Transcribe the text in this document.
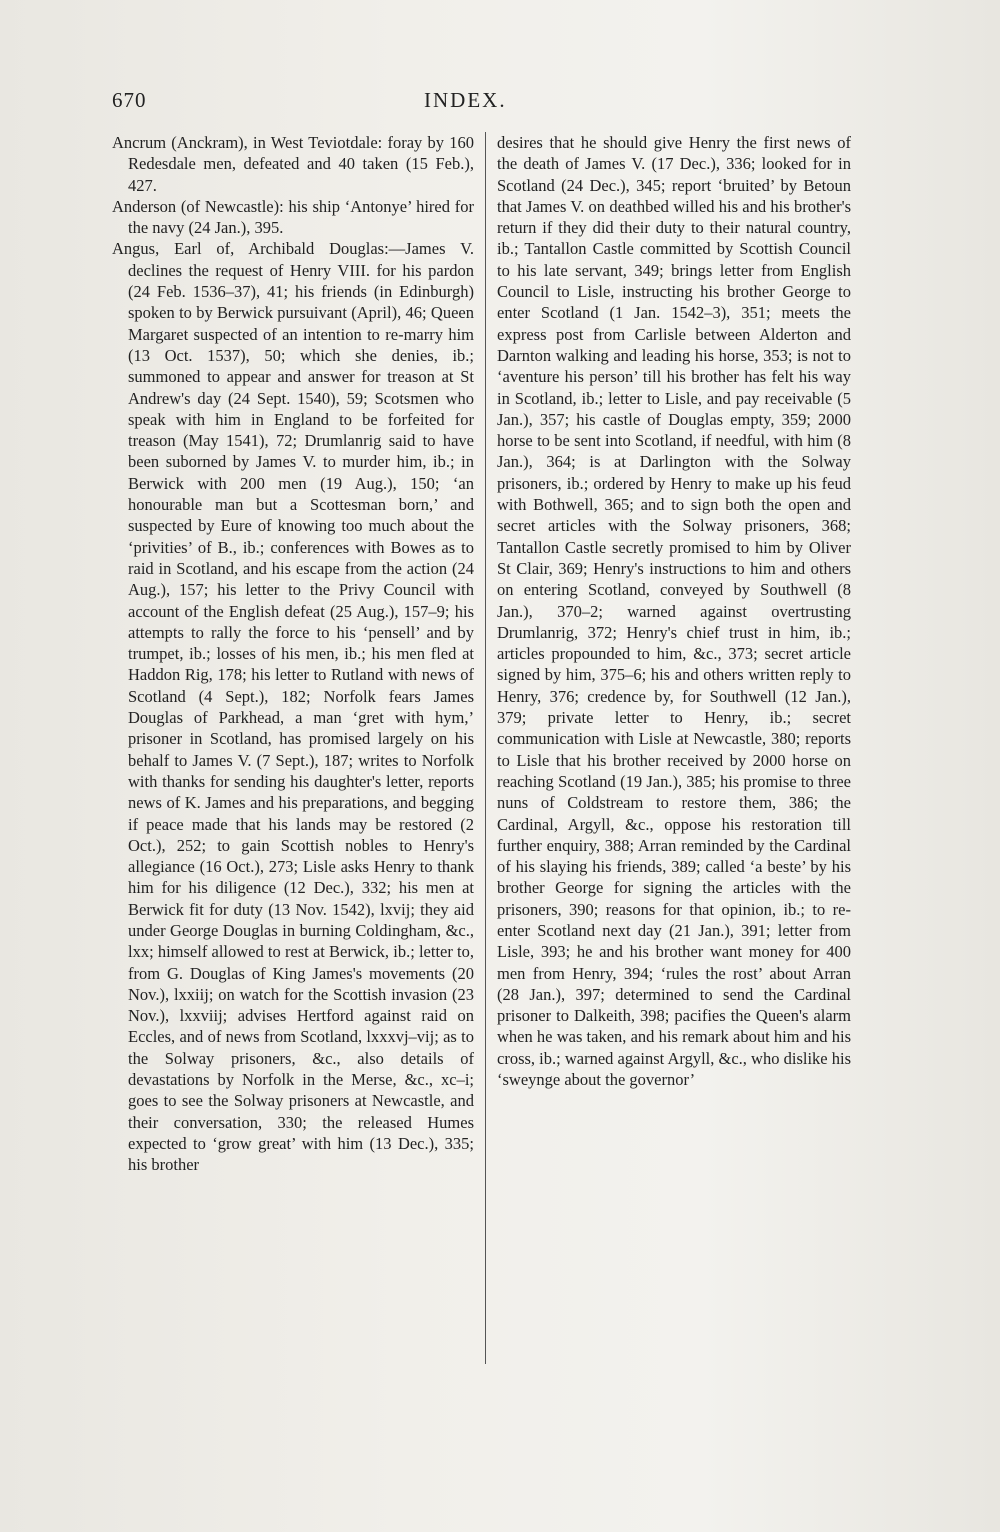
670	INDEX.

Ancrum (Anckram), in West Teviotdale: foray by 160 Redesdale men, defeated and 40 taken (15 Feb.), 427.

Anderson (of Newcastle): his ship ‘Antonye’ hired for the navy (24 Jan.), 395.

Angus, Earl of, Archibald Douglas:—James V. declines the request of Henry VIII. for his pardon (24 Feb. 1536–37), 41; his friends (in Edinburgh) spoken to by Berwick pursuivant (April), 46; Queen Margaret suspected of an intention to re-marry him (13 Oct. 1537), 50; which she denies, ib.; summoned to appear and answer for treason at St Andrew's day (24 Sept. 1540), 59; Scotsmen who speak with him in England to be forfeited for treason (May 1541), 72; Drumlanrig said to have been suborned by James V. to murder him, ib.; in Berwick with 200 men (19 Aug.), 150; ‘an honourable man but a Scottesman born,’ and suspected by Eure of knowing too much about the ‘privities’ of B., ib.; conferences with Bowes as to raid in Scotland, and his escape from the action (24 Aug.), 157; his letter to the Privy Council with account of the English defeat (25 Aug.), 157–9; his attempts to rally the force to his ‘pensell’ and by trumpet, ib.; losses of his men, ib.; his men fled at Haddon Rig, 178; his letter to Rutland with news of Scotland (4 Sept.), 182; Norfolk fears James Douglas of Parkhead, a man ‘gret with hym,’ prisoner in Scotland, has promised largely on his behalf to James V. (7 Sept.), 187; writes to Norfolk with thanks for sending his daughter's letter, reports news of K. James and his preparations, and begging if peace made that his lands may be restored (2 Oct.), 252; to gain Scottish nobles to Henry's allegiance (16 Oct.), 273; Lisle asks Henry to thank him for his diligence (12 Dec.), 332; his men at Berwick fit for duty (13 Nov. 1542), lxvij; they aid under George Douglas in burning Coldingham, &c., lxx; himself allowed to rest at Berwick, ib.; letter to, from G. Douglas of King James's movements (20 Nov.), lxxiij; on watch for the Scottish invasion (23 Nov.), lxxviij; advises Hertford against raid on Eccles, and of news from Scotland, lxxxvj–vij; as to the Solway prisoners, &c., also details of devastations by Norfolk in the Merse, &c., xc–i; goes to see the Solway prisoners at Newcastle, and their conversation, 330; the released Humes expected to ‘grow great’ with him (13 Dec.), 335; his brother

desires that he should give Henry the first news of the death of James V. (17 Dec.), 336; looked for in Scotland (24 Dec.), 345; report ‘bruited’ by Betoun that James V. on deathbed willed his and his brother's return if they did their duty to their natural country, ib.; Tantallon Castle committed by Scottish Council to his late servant, 349; brings letter from English Council to Lisle, instructing his brother George to enter Scotland (1 Jan. 1542–3), 351; meets the express post from Carlisle between Alderton and Darnton walking and leading his horse, 353; is not to ‘aventure his person’ till his brother has felt his way in Scotland, ib.; letter to Lisle, and pay receivable (5 Jan.), 357; his castle of Douglas empty, 359; 2000 horse to be sent into Scotland, if needful, with him (8 Jan.), 364; is at Darlington with the Solway prisoners, ib.; ordered by Henry to make up his feud with Bothwell, 365; and to sign both the open and secret articles with the Solway prisoners, 368; Tantallon Castle secretly promised to him by Oliver St Clair, 369; Henry's instructions to him and others on entering Scotland, conveyed by Southwell (8 Jan.), 370–2; warned against overtrusting Drumlanrig, 372; Henry's chief trust in him, ib.; articles propounded to him, &c., 373; secret article signed by him, 375–6; his and others written reply to Henry, 376; credence by, for Southwell (12 Jan.), 379; private letter to Henry, ib.; secret communication with Lisle at Newcastle, 380; reports to Lisle that his brother received by 2000 horse on reaching Scotland (19 Jan.), 385; his promise to three nuns of Coldstream to restore them, 386; the Cardinal, Argyll, &c., oppose his restoration till further enquiry, 388; Arran reminded by the Cardinal of his slaying his friends, 389; called ‘a beste’ by his brother George for signing the articles with the prisoners, 390; reasons for that opinion, ib.; to re-enter Scotland next day (21 Jan.), 391; letter from Lisle, 393; he and his brother want money for 400 men from Henry, 394; ‘rules the rost’ about Arran (28 Jan.), 397; determined to send the Cardinal prisoner to Dalkeith, 398; pacifies the Queen's alarm when he was taken, and his remark about him and his cross, ib.; warned against Argyll, &c., who dislike his ‘sweynge about the governor’
